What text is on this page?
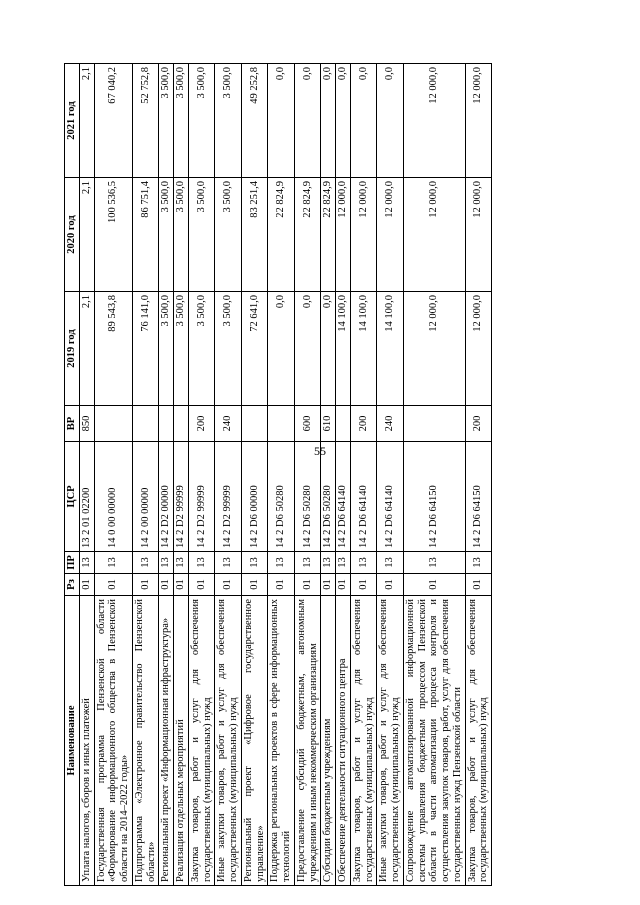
55
Наименование	Рз	ПР	ЦСР	ВР	2019 год	2020 год	2021 год
Уплата налогов, сборов и иных платежей	01	13	13 2 01 02200	850	2,1	2,1	2,1
Государственная программа Пензенской области «Формирование информационного общества в Пензенской области на 2014–2022 годы»	01	13	14 0 00 00000		89 543,8	100 536,5	67 040,2
Подпрограмма «Электронное правительство Пензенской области»	01	13	14 2 00 00000		76 141,0	86 751,4	52 752,8
Региональный проект «Информационная инфраструктура»	01	13	14 2 D2 00000		3 500,0	3 500,0	3 500,0
Реализация отдельных мероприятий	01	13	14 2 D2 99999		3 500,0	3 500,0	3 500,0
Закупка товаров, работ и услуг для обеспечения государственных (муниципальных) нужд	01	13	14 2 D2 99999	200	3 500,0	3 500,0	3 500,0
Иные закупки товаров, работ и услуг для обеспечения государственных (муниципальных) нужд	01	13	14 2 D2 99999	240	3 500,0	3 500,0	3 500,0
Региональный проект «Цифровое государственное управление»	01	13	14 2 D6 00000		72 641,0	83 251,4	49 252,8
Поддержка региональных проектов в сфере информационных технологий	01	13	14 2 D6 50280		0,0	22 824,9	0,0
Предоставление субсидий бюджетным, автономным учреждениям и иным некоммерческим организациям	01	13	14 2 D6 50280	600	0,0	22 824,9	0,0
Субсидии бюджетным учреждениям	01	13	14 2 D6 50280	610	0,0	22 824,9	0,0
Обеспечение деятельности ситуационного центра	01	13	14 2 D6 64140		14 100,0	12 000,0	0,0
Закупка товаров, работ и услуг для обеспечения государственных (муниципальных) нужд	01	13	14 2 D6 64140	200	14 100,0	12 000,0	0,0
Иные закупки товаров, работ и услуг для обеспечения государственных (муниципальных) нужд	01	13	14 2 D6 64140	240	14 100,0	12 000,0	0,0
Сопровождение автоматизированной информационной системы управления бюджетным процессом Пензенской области в части автоматизации процесса контроля и осуществления закупок товаров, работ, услуг для обеспечения государственных нужд Пензенской области	01	13	14 2 D6 64150		12 000,0	12 000,0	12 000,0
Закупка товаров, работ и услуг для обеспечения государственных (муниципальных) нужд	01	13	14 2 D6 64150	200	12 000,0	12 000,0	12 000,0
